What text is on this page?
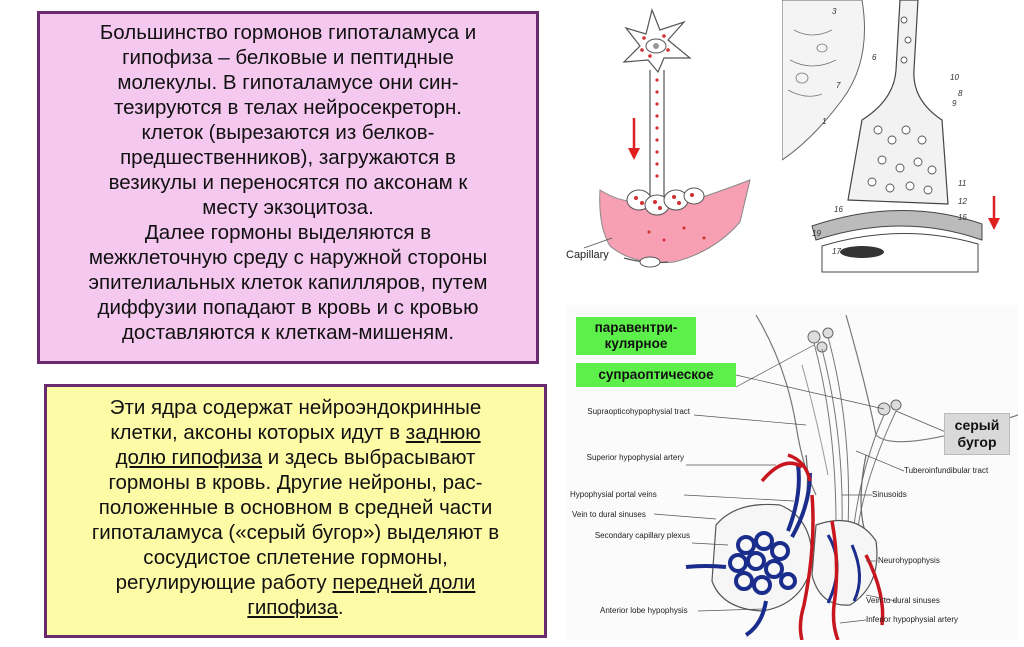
Большинство гормонов гипоталамуса и

гипофиза – белковые и пептидные

молекулы. В гипоталамусе они син-

тезируются в телах нейросекреторн.

клеток (вырезаются из белков-

предшественников), загружаются в

везикулы и переносятся по аксонам к

месту экзоцитоза.

Далее гормоны выделяются в

межклеточную среду с наружной стороны

эпителиальных клеток капилляров, путем

диффузии попадают в кровь и с кровью

доставляются к клеткам-мишеням.

Эти ядра содержат нейроэндокринные

клетки, аксоны которых идут в заднюю

долю гипофиза и здесь выбрасывают

гормоны в кровь. Другие нейроны, рас-

положенные в основном в средней части

гипоталамуса («серый бугор») выделяют в

сосудистое сплетение гормоны,

регулирующие работу передней доли

гипофиза.

Capillary
3
6
7
1
8
10
9
11
12
15
16
19
17
паравентри-кулярное
супраоптическое
серый бугор
Supraopticohypophysial tract
Superior hypophysial artery
Hypophysial portal veins
Vein to dural sinuses
Secondary capillary plexus
Anterior lobe hypophysis
Tuberoinfundibular tract
Sinusoids
Neurohypophysis
Vein to dural sinuses
Inferior hypophysial artery
